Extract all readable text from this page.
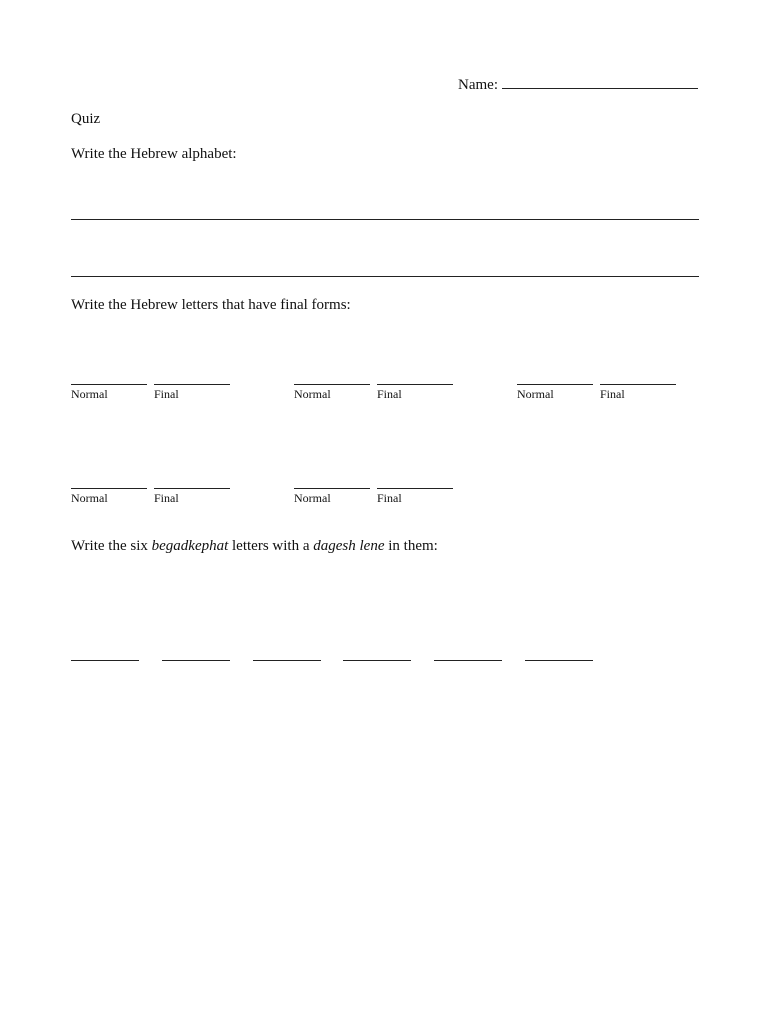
Name:
Quiz
Write the Hebrew alphabet:
Write the Hebrew letters that have final forms:
Normal	Final	Normal	Final	Normal	Final
Normal	Final	Normal	Final
Write the six begadkephat letters with a dagesh lene in them:
